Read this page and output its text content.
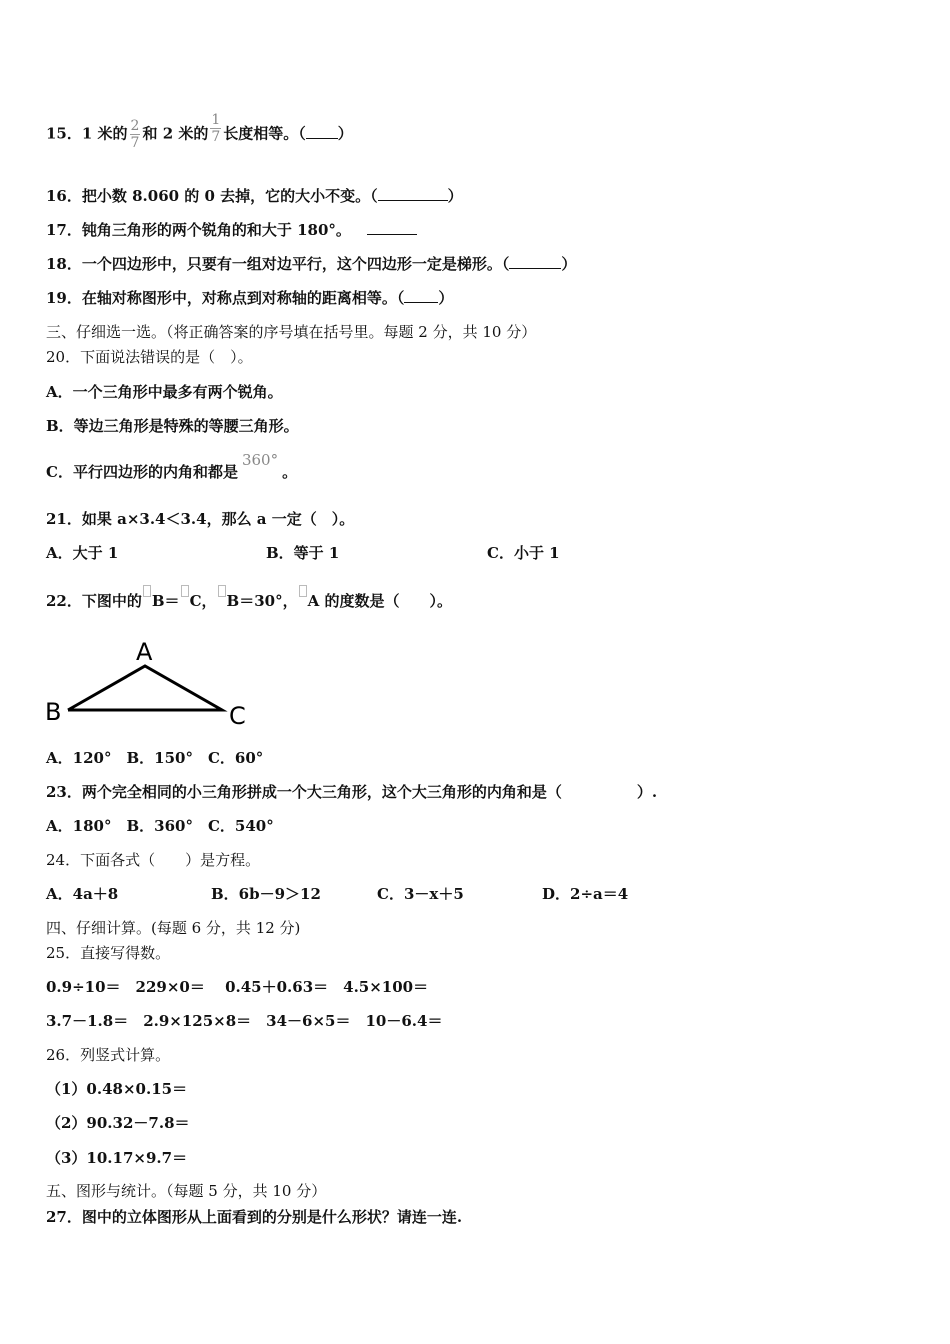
15．1 米的 $\frac{2}{7}$ 和 2 米的 $\frac{1}{7}$ 长度相等。（ ）
16．把小数 8.060 的 0 去掉，它的大小不变。（	）
17．钝角三角形的两个锐角的和大于 180°。
18．一个四边形中，只要有一组对边平行，这个四边形一定是梯形。（	）
19．在轴对称图形中，对称点到对称轴的距离相等。（ ）
三、仔细选一选。（将正确答案的序号填在括号里。每题 2 分，共 10 分）
20．下面说法错误的是（　）。
A．一个三角形中最多有两个锐角。
B．等边三角形是特殊的等腰三角形。
C．平行四边形的内角和都是360°。
21．如果 a×3.4＜3.4，那么 a 一定（　）。
A．大于 1	B．等于 1	C．小于 1
22．下图中的 B＝ C， B＝30°， A 的度数是（　　）。
A
B	C
A．120°　B．150°　C．60°
23．两个完全相同的小三角形拼成一个大三角形，这个大三角形的内角和是（　　　　　）.
A．180°　B．360°　C．540°
24．下面各式（　　）是方程。
A．4a＋8	B．6b－9＞12	C．3－x＋5	D．2÷a＝4
四、仔细计算。(每题 6 分，共 12 分)
25．直接写得数。
0.9÷10＝　229×0＝　 0.45＋0.63＝　4.5×100＝
3.7－1.8＝　2.9×125×8＝　34－6×5＝　10－6.4＝
26．列竖式计算。
（1）0.48×0.15＝
（2）90.32－7.8＝
（3）10.17×9.7＝
五、图形与统计。（每题 5 分，共 10 分）
27．图中的立体图形从上面看到的分别是什么形状？请连一连.
